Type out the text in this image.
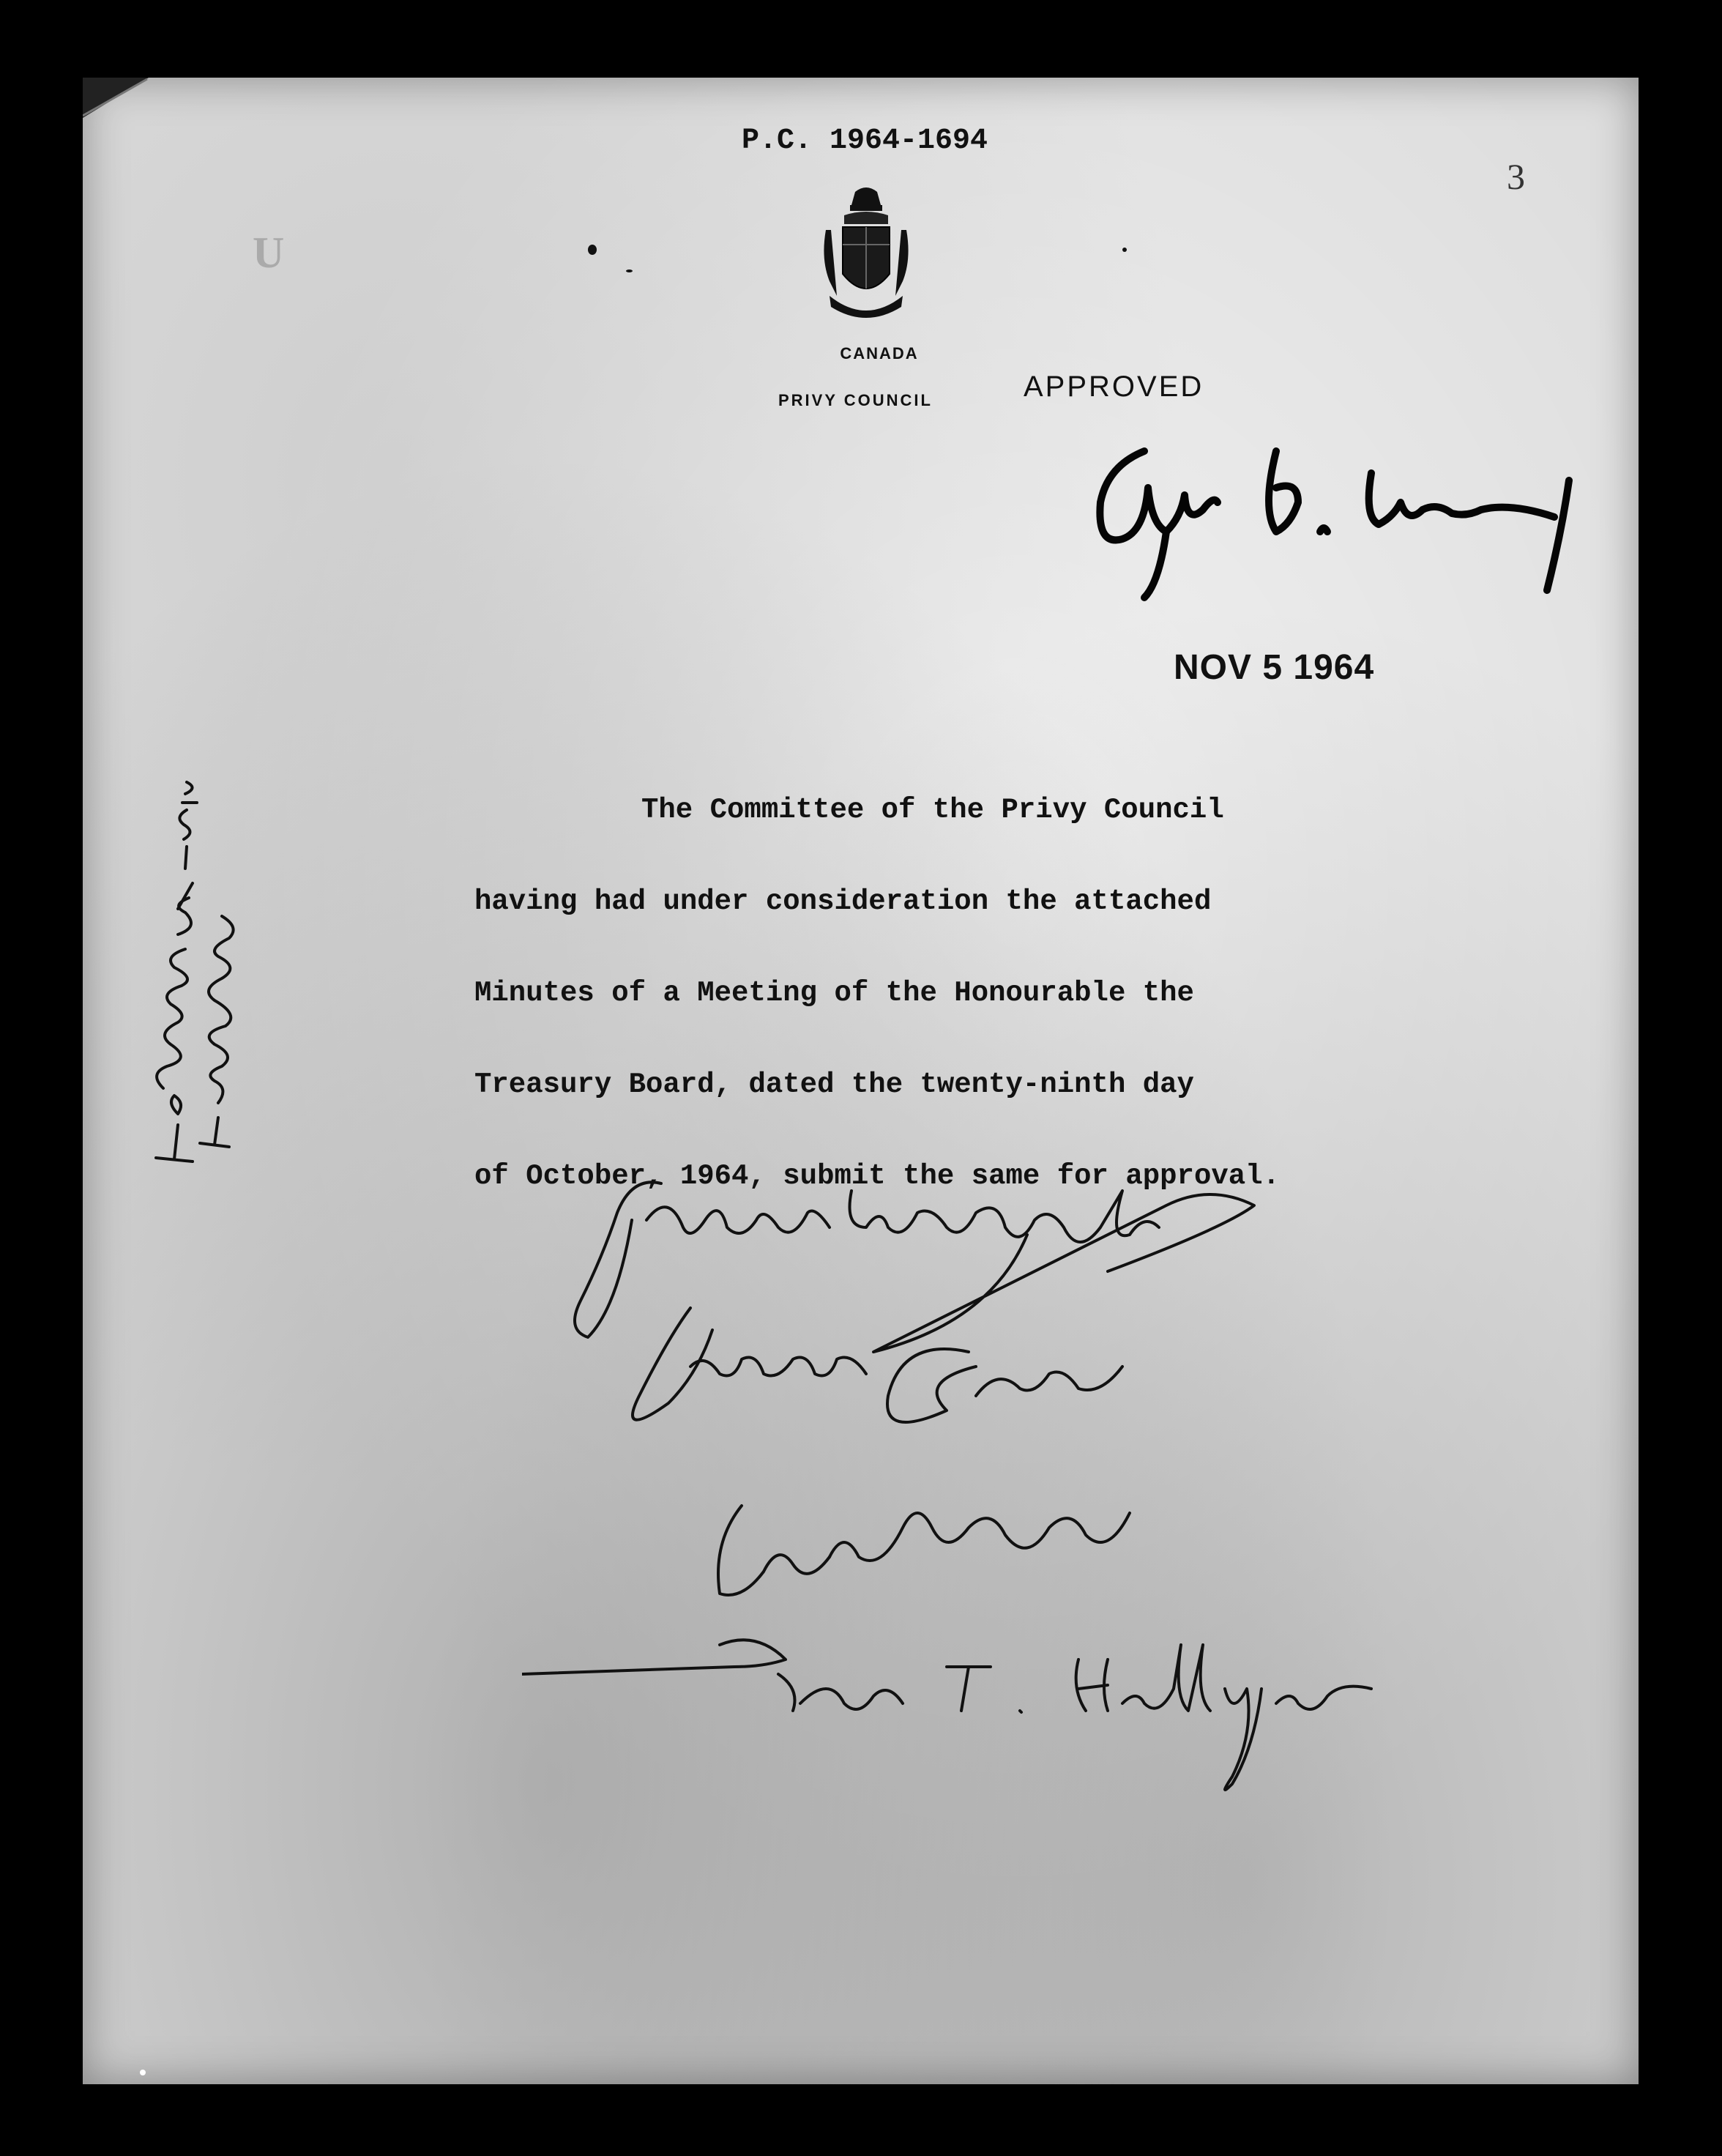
P.C. 1964-1694
3
U
CANADA
PRIVY COUNCIL	APPROVED
NOV 5 1964
The Committee of the Privy Council
having had under consideration the attached
Minutes of a Meeting of the Honourable the
Treasury Board, dated the twenty-ninth day
of October, 1964, submit the same for approval.
